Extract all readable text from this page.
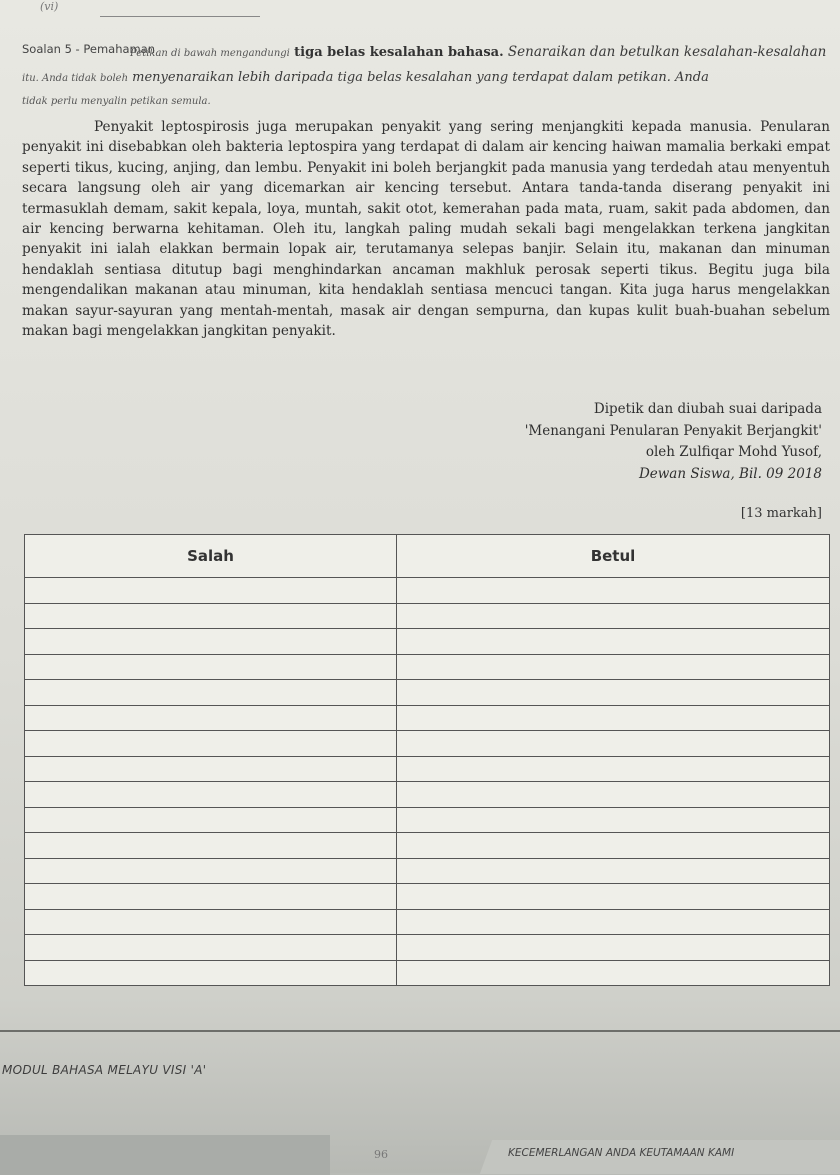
(vi)
Soalan 5 - Pemahaman
Petikan di bawah mengandungi tiga belas kesalahan bahasa. Senaraikan dan betulkan kesalahan-kesalahan
itu. Anda tidak boleh menyenaraikan lebih daripada tiga belas kesalahan yang terdapat dalam petikan. Anda
tidak perlu menyalin petikan semula.
Penyakit leptospirosis juga merupakan penyakit yang sering menjangkiti kepada manusia. Penularan penyakit ini disebabkan oleh bakteria leptospira yang terdapat di dalam air kencing haiwan mamalia berkaki empat seperti tikus, kucing, anjing, dan lembu. Penyakit ini boleh berjangkit pada manusia yang terdedah atau menyentuh secara langsung oleh air yang dicemarkan air kencing tersebut. Antara tanda-tanda diserang penyakit ini termasuklah demam, sakit kepala, loya, muntah, sakit otot, kemerahan pada mata, ruam, sakit pada abdomen, dan air kencing berwarna kehitaman. Oleh itu, langkah paling mudah sekali bagi mengelakkan terkena jangkitan penyakit ini ialah elakkan bermain lopak air, terutamanya selepas banjir. Selain itu, makanan dan minuman hendaklah sentiasa ditutup bagi menghindarkan ancaman makhluk perosak seperti tikus. Begitu juga bila mengendalikan makanan atau minuman, kita hendaklah sentiasa mencuci tangan. Kita juga harus mengelakkan makan sayur-sayuran yang mentah-mentah, masak air dengan sempurna, dan kupas kulit buah-buahan sebelum makan bagi mengelakkan jangkitan penyakit.
Dipetik dan diubah suai daripada
'Menangani Penularan Penyakit Berjangkit'
oleh Zulfiqar Mohd Yusof,
Dewan Siswa, Bil. 09 2018
[13 markah]
Salah	Betul

MODUL BAHASA MELAYU VISI 'A'
96	KECEMERLANGAN ANDA KEUTAMAAN KAMI
